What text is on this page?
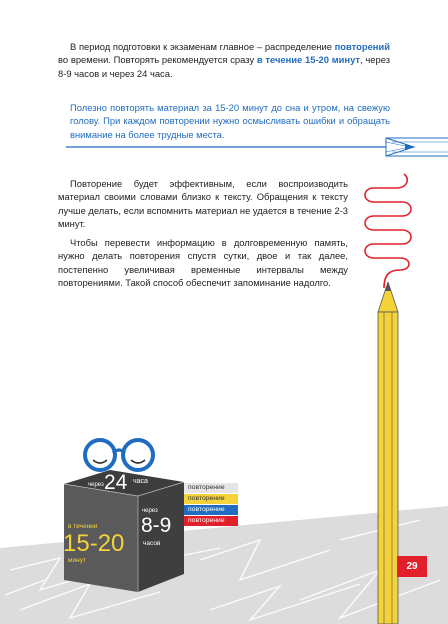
В период подготовки к экзаменам главное – распределение повторений во времени. Повторять рекомендуется сразу в течение 15-20 минут, через 8-9 часов и через 24 часа.

Полезно повторять материал за 15-20 минут до сна и утром, на свежую голову. При каждом повторении нужно осмысливать ошибки и обращать внимание на более трудные места.

Повторение будет эффективным, если воспроизводить материал своими словами близко к тексту. Обращения к тексту лучше делать, если вспомнить материал не удается в течение 2-3 минут.

Чтобы перевести информацию в долговременную память, нужно делать повторения спустя сутки, двое и так далее, постепенно увеличивая временные интервалы между повторениями. Такой способ обеспечит запоминание надолго.

29
через 24 часа
в течении
15-20
минут
через
8-9
часов
повторение
повторение
повторение
повторение
